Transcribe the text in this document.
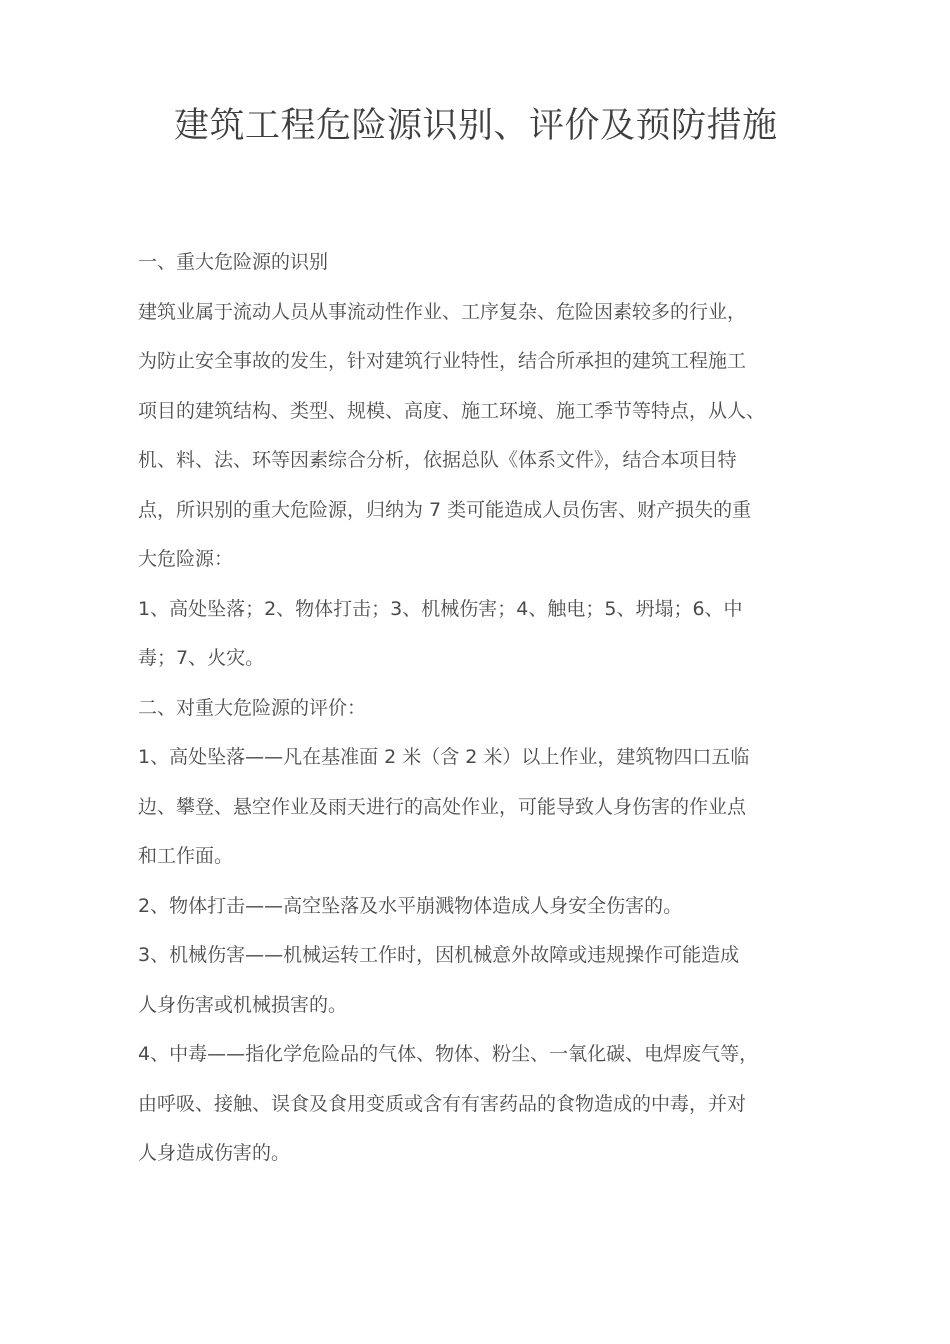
建筑工程危险源识别、评价及预防措施
一、重大危险源的识别
建筑业属于流动人员从事流动性作业、工序复杂、危险因素较多的行业，
为防止安全事故的发生，针对建筑行业特性，结合所承担的建筑工程施工
项目的建筑结构、类型、规模、高度、施工环境、施工季节等特点，从人、
机、料、法、环等因素综合分析，依据总队《体系文件》，结合本项目特
点，所识别的重大危险源，归纳为 7 类可能造成人员伤害、财产损失的重
大危险源：
1、高处坠落；2、物体打击；3、机械伤害；4、触电；5、坍塌；6、中
毒；7、火灾。
二、对重大危险源的评价：
1、高处坠落——凡在基准面 2 米（含 2 米）以上作业，建筑物四口五临
边、攀登、悬空作业及雨天进行的高处作业，可能导致人身伤害的作业点
和工作面。
2、物体打击——高空坠落及水平崩溅物体造成人身安全伤害的。
3、机械伤害——机械运转工作时，因机械意外故障或违规操作可能造成
人身伤害或机械损害的。
4、中毒——指化学危险品的气体、物体、粉尘、一氧化碳、电焊废气等，
由呼吸、接触、误食及食用变质或含有有害药品的食物造成的中毒，并对
人身造成伤害的。
